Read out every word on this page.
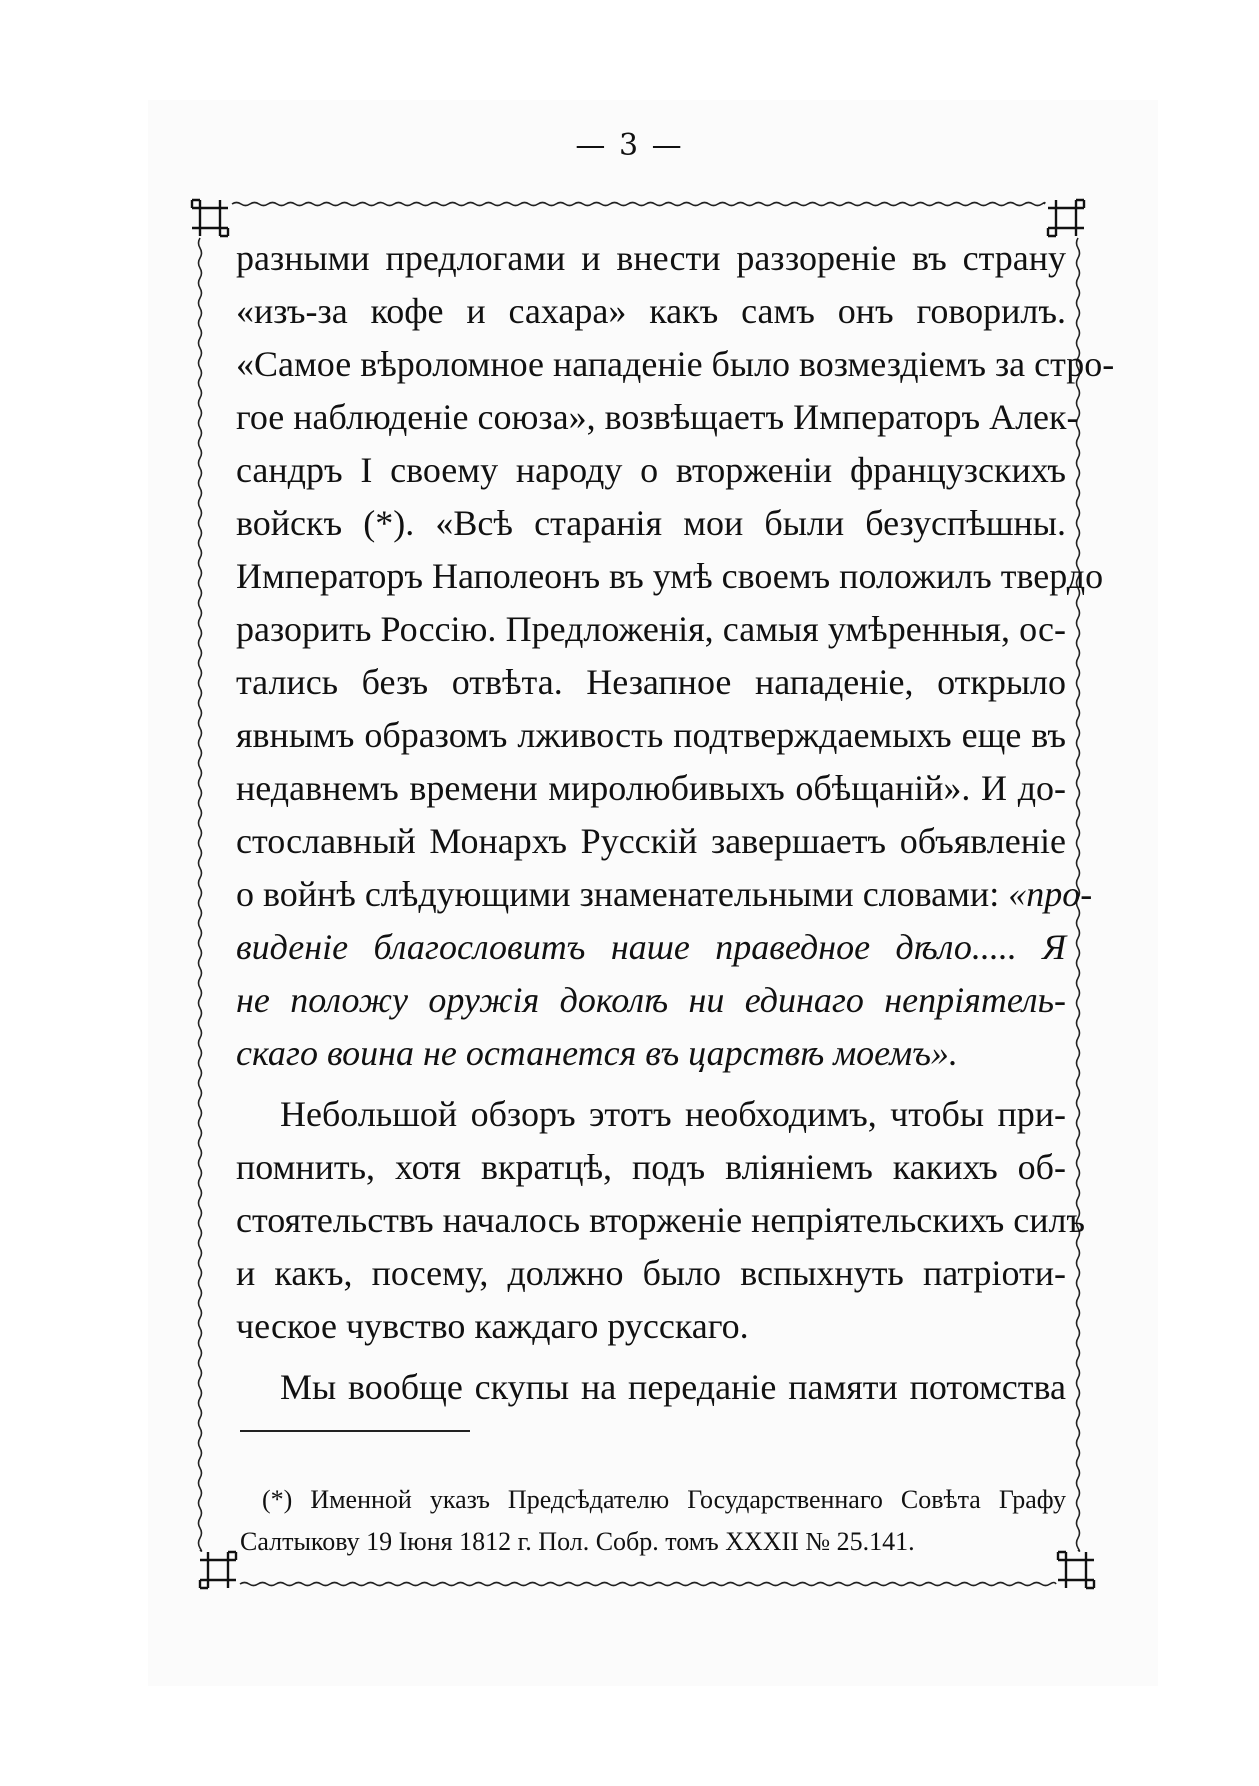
— 3 —
разными предлогами и внести раззореніе въ страну
«изъ-за кофе и сахара» какъ самъ онъ говорилъ.
«Самое вѣроломное нападеніе было возмездіемъ за стро-
гое наблюденіе союза», возвѣщаетъ Императоръ Алек-
сандръ I своему народу о вторженіи французскихъ
войскъ (*). «Всѣ старанія мои были безуспѣшны.
Императоръ Наполеонъ въ умѣ своемъ положилъ твердо
разорить Россію. Предложенія, самыя умѣренныя, ос-
тались безъ отвѣта. Незапное нападеніе, открыло
явнымъ образомъ лживость подтверждаемыхъ еще въ
недавнемъ времени миролюбивыхъ обѣщаній». И до-
стославный Монархъ Русскій завершаетъ объявленіе
о войнѣ слѣдующими знаменательными словами: «про-
виденіе благословитъ наше праведное дѣло..... Я
не положу оружія доколѣ ни единаго непріятель-
скаго воина не останется въ царствѣ моемъ».
Небольшой обзоръ этотъ необходимъ, чтобы при-
помнить, хотя вкратцѣ, подъ вліяніемъ какихъ об-
стоятельствъ началось вторженіе непріятельскихъ силъ
и какъ, посему, должно было вспыхнуть патріоти-
ческое чувство каждаго русскаго.
Мы вообще скупы на переданіе памяти потомства
(*) Именной указъ Предсѣдателю Государственнаго Совѣта Графу
Салтыкову 19 Іюня 1812 г. Пол. Собр. томъ XXXII № 25.141.
